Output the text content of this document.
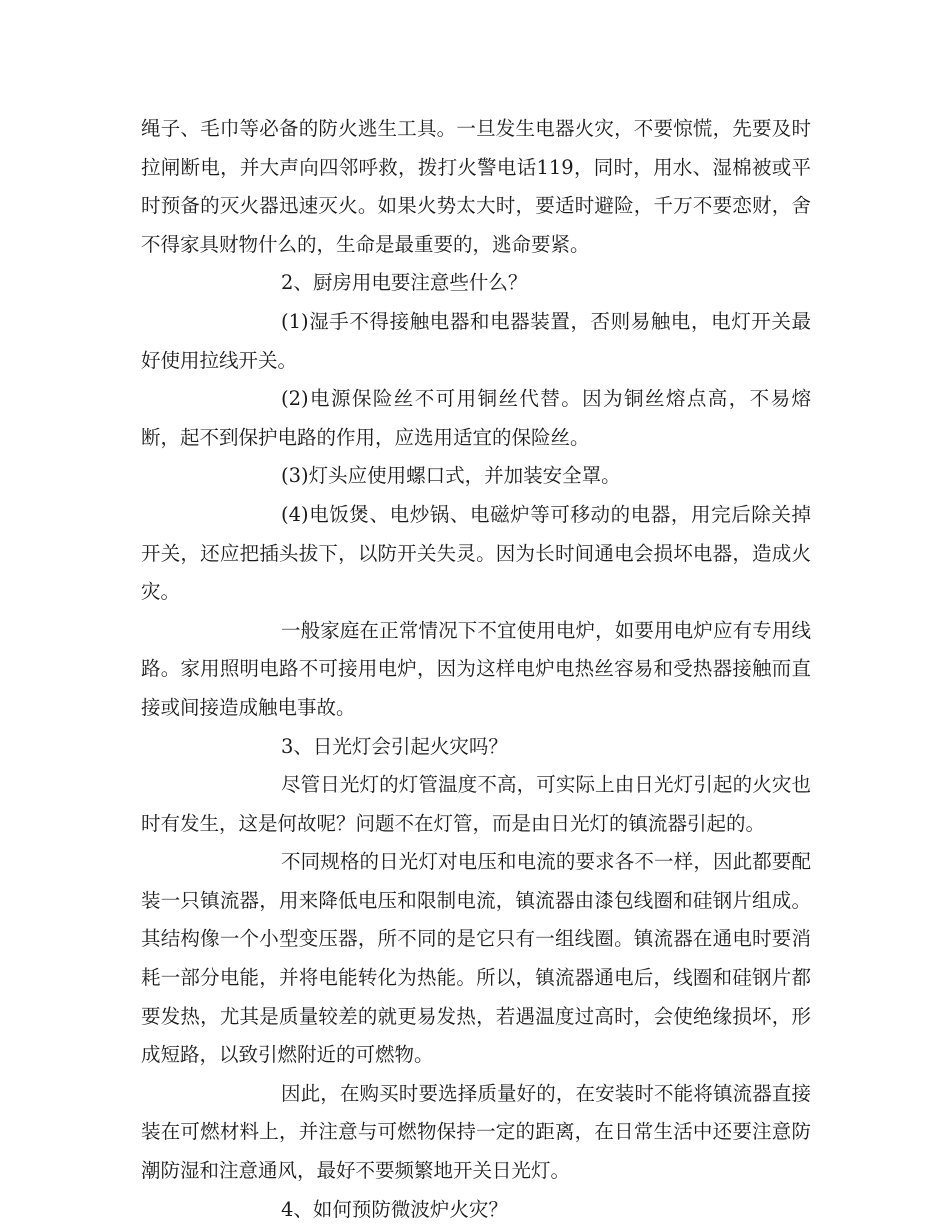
绳子、毛巾等必备的防火逃生工具。一旦发生电器火灾，不要惊慌，先要及时拉闸断电，并大声向四邻呼救，拨打火警电话119，同时，用水、湿棉被或平时预备的灭火器迅速灭火。如果火势太大时，要适时避险，千万不要恋财，舍不得家具财物什么的，生命是最重要的，逃命要紧。

2、厨房用电要注意些什么？

(1)湿手不得接触电器和电器装置，否则易触电，电灯开关最好使用拉线开关。

(2)电源保险丝不可用铜丝代替。因为铜丝熔点高，不易熔断，起不到保护电路的作用，应选用适宜的保险丝。

(3)灯头应使用螺口式，并加装安全罩。

(4)电饭煲、电炒锅、电磁炉等可移动的电器，用完后除关掉开关，还应把插头拔下，以防开关失灵。因为长时间通电会损坏电器，造成火灾。

一般家庭在正常情况下不宜使用电炉，如要用电炉应有专用线路。家用照明电路不可接用电炉，因为这样电炉电热丝容易和受热器接触而直接或间接造成触电事故。

3、日光灯会引起火灾吗？

尽管日光灯的灯管温度不高，可实际上由日光灯引起的火灾也时有发生，这是何故呢？问题不在灯管，而是由日光灯的镇流器引起的。

不同规格的日光灯对电压和电流的要求各不一样，因此都要配装一只镇流器，用来降低电压和限制电流，镇流器由漆包线圈和硅钢片组成。其结构像一个小型变压器，所不同的是它只有一组线圈。镇流器在通电时要消耗一部分电能，并将电能转化为热能。所以，镇流器通电后，线圈和硅钢片都要发热，尤其是质量较差的就更易发热，若遇温度过高时，会使绝缘损坏，形成短路，以致引燃附近的可燃物。

因此，在购买时要选择质量好的，在安装时不能将镇流器直接装在可燃材料上，并注意与可燃物保持一定的距离，在日常生活中还要注意防潮防湿和注意通风，最好不要频繁地开关日光灯。

4、如何预防微波炉火灾？
